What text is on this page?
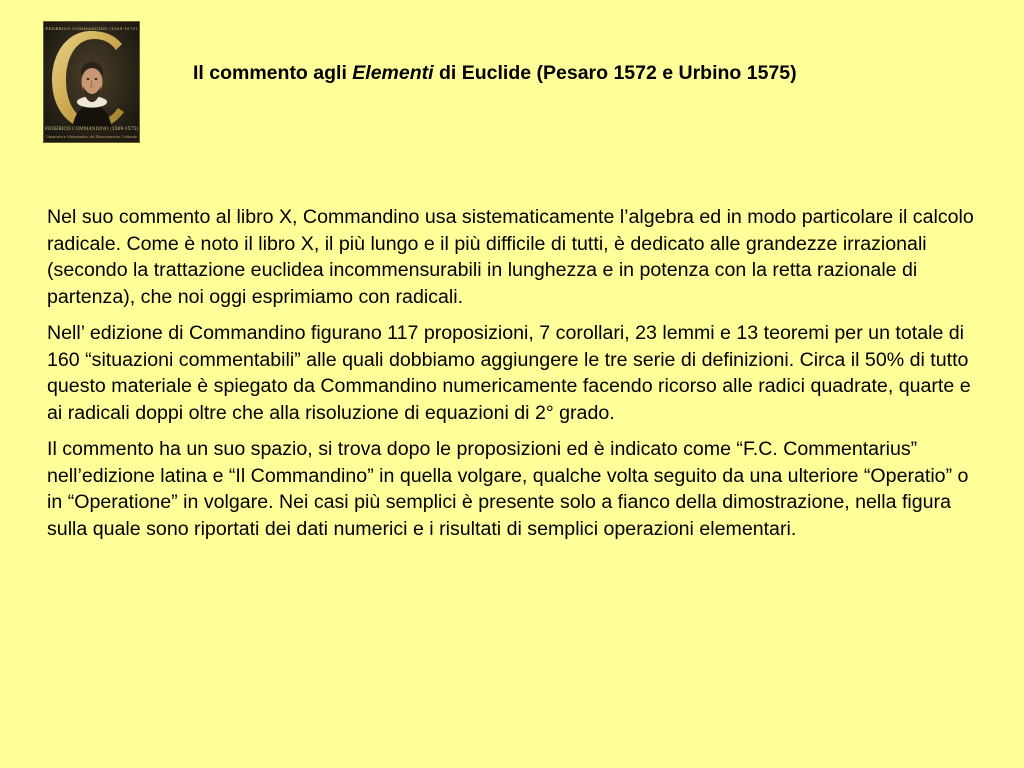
FEDERICO COMMANDINO (1509-1575)
FEDERICO COMMANDINO (1509-1575)
Umanista e Matematico del Rinascimento Urbinate
Il commento agli Elementi di Euclide (Pesaro 1572 e Urbino 1575)

Nel suo commento al libro X, Commandino usa sistematicamente l’algebra ed in modo particolare il calcolo radicale. Come è noto il libro X, il più lungo e il più difficile di tutti, è dedicato alle grandezze irrazionali (secondo la trattazione euclidea incommensurabili in lunghezza e in potenza con la retta razionale di partenza), che noi oggi esprimiamo con radicali.

Nell’ edizione di Commandino figurano 117 proposizioni, 7 corollari, 23 lemmi e 13 teoremi per un totale di 160 “situazioni commentabili” alle quali dobbiamo aggiungere le tre serie di definizioni. Circa il 50% di tutto questo materiale è spiegato da Commandino numericamente facendo ricorso alle radici quadrate, quarte e ai radicali doppi oltre che alla risoluzione di equazioni di 2° grado.

Il commento ha un suo spazio, si trova dopo le proposizioni ed è indicato come “F.C. Commentarius” nell’edizione latina e “Il Commandino” in quella volgare, qualche volta seguito da una ulteriore “Operatio” o in “Operatione” in volgare. Nei casi più semplici è presente solo a fianco della dimostrazione, nella figura sulla quale sono riportati dei dati numerici e i risultati di semplici operazioni elementari.
